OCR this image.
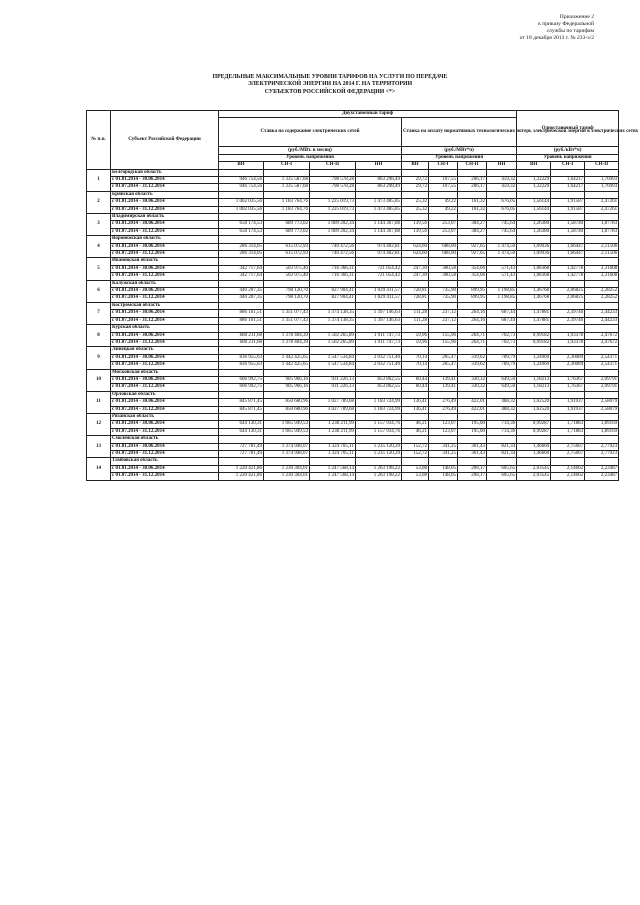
Приложение 2
к приказу Федеральной
службы по тарифам
от 18 декабря 2013 г. № 233-э/2
ПРЕДЕЛЬНЫЕ МАКСИМАЛЬНЫЕ УРОВНИ ТАРИФОВ НА УСЛУГИ ПО ПЕРЕДАЧЕ
ЭЛЕКТРИЧЕСКОЙ ЭНЕРГИИ НА 2014 Г. НА ТЕРРИТОРИИ
СУБЪЕКТОВ РОССИЙСКОЙ ФЕДЕРАЦИИ <*>
№ п.п.	Субъект Российской Федерации	Двухставочный тариф								Одноставочный тариф		
		Ставка на содержание электрических сетей				Ставка на оплату нормативных технологических потерь электрической энергии в электрических сетях						
		(руб./МВт. в месяц)				(руб./МВт*ч)				(руб./кВт*ч)		
		Уровень напряжения				Уровень напряжения				Уровень напряжения		
		ВН	СН-I	СН-II	НН	ВН	СН-I	СН-II	НН	ВН	СН-I	СН-II
1	Белгородская область											
	с 01.01.2014 - 30.06.2014	946 754,56	1 335 587,68	798 578,28	863 298,49	29,72	107,55	206,17	459,32	1,32229	1,64217	1,76993
	с 01.07.2014 - 31.12.2014	946 754,56	1 335 587,68	798 578,28	863 298,49	29,72	107,55	206,17	459,32	1,32229	1,64217	1,76993
2	Брянская область											
	с 01.01.2014 - 30.06.2014	1 002 035,56	1 183 764,76	1 225 019,73	1 473 485,85	25,32	49,22	161,32	676,05	1,56144	1,91587	2,47261
	с 01.07.2014 - 31.12.2014	1 002 035,56	1 183 764,76	1 225 019,73	1 473 485,85	25,32	49,22	161,32	676,05	1,56144	1,91587	2,47261
3	Владимирская область											
	с 01.01.2014 - 30.06.2014	658 174,53	689 773,02	1 009 202,34	1 144 367,88	139,56	253,07	384,27	745,64	1,26380	1,58740	1,87783
	с 01.07.2014 - 31.12.2014	658 174,53	689 773,02	1 009 202,34	1 144 367,88	139,56	253,07	384,27	745,64	1,26380	1,58740	1,87783
4	Воронежская область											
	с 01.01.2014 - 30.06.2014	286 314,05	615 072,93	740 472,56	974 402,81	624,60	688,00	927,65	1 474,50	1,09936	1,66447	2,11506
	с 01.07.2014 - 31.12.2014	286 314,05	615 072,93	740 472,56	974 402,81	624,60	688,00	927,65	1 474,50	1,09936	1,66447	2,11506
5	Ивановская область											
	с 01.01.2014 - 30.06.2014	342 717,64	503 975,40	716 366,31	721 054,42	247,30	300,58	354,66	571,43	1,08368	1,42778	2,31608
	с 01.07.2014 - 31.12.2014	342 717,64	503 975,40	716 366,31	721 054,42	247,30	300,58	354,66	571,43	1,08368	1,42778	2,31608
6	Калужская область											
	с 01.01.2014 - 30.06.2014	440 207,35	798 120,70	827 904,41	1 029 411,57	728,81	735,90	899,95	1 198,85	1,46768	2,06825	2,28252
	с 01.07.2014 - 31.12.2014	440 207,35	798 120,70	827 904,41	1 029 411,57	728,81	735,90	899,95	1 198,85	1,46768	2,06825	2,28252
7	Костромская область											
	с 01.01.2014 - 30.06.2014	886 161,51	1 351 077,43	1 374 138,35	1 397 146,63	111,28	237,12	264,16	687,44	1,47881	2,39746	2,44233
	с 01.07.2014 - 31.12.2014	886 161,51	1 351 077,43	1 374 138,35	1 397 146,63	111,28	237,12	264,16	687,44	1,47881	2,39746	2,44233
8	Курская область											
	с 01.01.2014 - 30.06.2014	680 211,68	1 378 404,39	1 502 265,89	1 911 747,73	59,96	155,96	264,71	702,73	0,99182	1,93378	2,47672
	с 01.07.2014 - 31.12.2014	680 211,68	1 378 404,39	1 502 265,89	1 911 747,73	59,96	155,96	264,71	702,73	0,99182	1,93378	2,47672
9	Липецкая область											
	с 01.01.2014 - 30.06.2014	836 955,63	1 442 425,65	1 547 534,84	2 032 751,40	70,14	265,47	339,62	789,79	1,24969	2,30089	2,54371
	с 01.07.2014 - 31.12.2014	836 955,63	1 442 425,65	1 547 534,84	2 032 751,40	70,14	265,47	339,62	789,79	1,24969	2,30089	2,54371
10	Московская область											
	с 01.01.2014 - 30.06.2014	606 992,75	905 966,16	931 226,13	853 862,55	60,44	139,41	330,32	649,50	1,18213	1,76367	2,09791
	с 01.07.2014 - 31.12.2014	606 992,75	905 966,16	931 226,13	853 862,55	60,44	139,41	330,32	649,50	1,18213	1,76367	2,09791
11	Орловская область											
	с 01.01.2014 - 30.06.2014	845 871,45	850 680,96	1 027 789,68	1 183 724,99	136,41	276,49	422,01	488,32	1,62520	1,91937	2,58079
	с 01.07.2014 - 31.12.2014	845 871,45	850 680,96	1 027 789,68	1 183 724,99	136,41	276,49	422,01	488,32	1,62520	1,91937	2,58079
12	Рязанская область											
	с 01.01.2014 - 30.06.2014	644 130,31	1 065 949,53	1 238 211,99	1 157 934,76	46,21	123,07	195,00	714,36	0,99287	1,71883	1,89169
	с 01.07.2014 - 31.12.2014	644 130,31	1 065 949,53	1 238 211,99	1 157 934,76	46,21	123,07	195,00	714,36	0,99287	1,71883	1,89169
13	Смоленская область											
	с 01.01.2014 - 30.06.2014	727 781,49	1 374 948,07	1 324 705,11	1 235 120,29	152,72	341,25	361,43	821,34	1,46660	2,75667	2,77923
	с 01.07.2014 - 31.12.2014	727 781,49	1 374 948,07	1 324 705,11	1 235 120,29	152,72	341,25	361,43	821,34	1,46660	2,75667	2,77923
14	Тамбовская область											
	с 01.01.2014 - 30.06.2014	1 220 421,86	1 230 304,01	1 247 568,14	1 263 198,22	53,08	148,05	208,17	605,65	2,03545	2,14662	2,23487
	с 01.07.2014 - 31.12.2014	1 220 421,86	1 230 304,01	1 247 568,14	1 263 198,22	53,08	148,05	208,17	605,65	2,03545	2,14662	2,23487
